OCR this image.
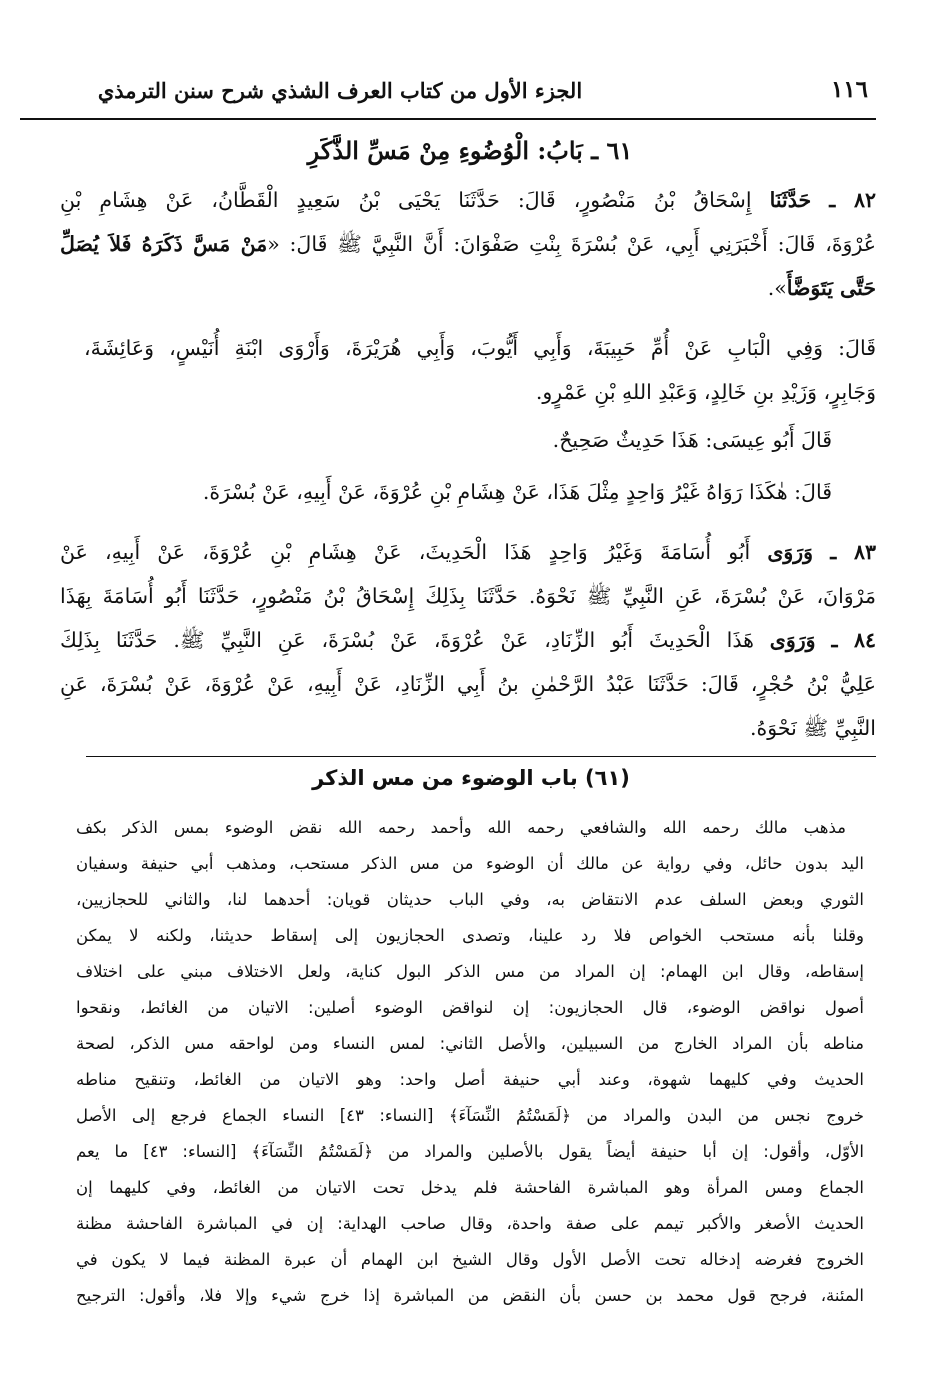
١١٦
الجزء الأول من كتاب العرف الشذي شرح سنن الترمذي
٦١ ـ بَابُ: الْوُضُوءِ مِنْ مَسِّ الذَّكَرِ
٨٢ ـ حَدَّثَنَا إِسْحَاقُ بْنُ مَنْصُورٍ، قَالَ: حَدَّثَنَا يَحْيَى بْنُ سَعِيدٍ الْقَطَّانُ، عَنْ هِشَامِ بْنِ
عُرْوَةَ، قَالَ: أَخْبَرَنِي أَبِي، عَنْ بُسْرَةَ بِنْتِ صَفْوَانَ: أَنَّ النَّبِيَّ ﷺ قَالَ: «مَنْ مَسَّ ذَكَرَهُ فَلاَ يُصَلِّ
حَتَّى يَتَوَضَّأَ».
قَالَ: وَفِي الْبَابِ عَنْ أُمِّ حَبِيبَةَ، وَأَبِي أَيُّوبَ، وَأَبِي هُرَيْرَةَ، وَأَرْوَى ابْنَةِ أُنَيْسٍ، وَعَائِشَةَ،
وَجَابِرٍ، وَزَيْدِ بنِ خَالِدٍ، وَعَبْدِ اللهِ بْنِ عَمْرٍو.
قَالَ أَبُو عِيسَى: هَذَا حَدِيثٌ صَحِيحٌ.
قَالَ: هٰكَذَا رَوَاهُ غَيْرُ وَاحِدٍ مِثْلَ هَذَا، عَنْ هِشَامِ بْنِ عُرْوَةَ، عَنْ أَبِيهِ، عَنْ بُسْرَةَ.
٨٣ ـ وَرَوَى أَبُو أُسَامَةَ وَغَيْرُ وَاحِدٍ هَذَا الْحَدِيثَ، عَنْ هِشَامِ بْنِ عُرْوَةَ، عَنْ أَبِيهِ، عَنْ
مَرْوَانَ، عَنْ بُسْرَةَ، عَنِ النَّبِيِّ ﷺ نَحْوَهُ. حَدَّثَنَا بِذَلِكَ إِسْحَاقُ بْنُ مَنْصُورٍ، حَدَّثَنَا أَبُو أُسَامَةَ بِهَذَا
٨٤ ـ وَرَوَى هَذَا الْحَدِيثَ أَبُو الزِّنَادِ، عَنْ عُرْوَةَ، عَنْ بُسْرَةَ، عَنِ النَّبِيِّ ﷺ. حَدَّثَنَا بِذَلِكَ
عَلِيُّ بْنُ حُجْرٍ، قَالَ: حَدَّثَنَا عَبْدُ الرَّحْمٰنِ بنُ أَبِي الزِّنَادِ، عَنْ أَبِيهِ، عَنْ عُرْوَةَ، عَنْ بُسْرَةَ، عَنِ
النَّبِيِّ ﷺ نَحْوَهُ.
(٦١) باب الوضوء من مس الذكر
مذهب مالك رحمه الله والشافعي رحمه الله وأحمد رحمه الله نقض الوضوء بمس الذكر بكف
اليد بدون حائل، وفي رواية عن مالك أن الوضوء من مس الذكر مستحب، ومذهب أبي حنيفة وسفيان
الثوري وبعض السلف عدم الانتقاض به، وفي الباب حديثان قويان: أحدهما لنا، والثاني للحجازيين،
وقلنا بأنه مستحب الخواص فلا رد علينا، وتصدى الحجازيون إلى إسقاط حديثنا، ولكنه لا يمكن
إسقاطه، وقال ابن الهمام: إن المراد من مس الذكر البول كناية، ولعل الاختلاف مبني على اختلاف
أصول نواقض الوضوء، قال الحجازيون: إن لنواقض الوضوء أصلين: الاتيان من الغائط، ونقحوا
مناطه بأن المراد الخارج من السبيلين، والأصل الثاني: لمس النساء ومن لواحقه مس الذكر، لصحة
الحديث وفي كليهما شهوة، وعند أبي حنيفة أصل واحد: وهو الاتيان من الغائط، وتنقيح مناطه
خروج نجس من البدن والمراد من ﴿لَمَسْتُمُ النِّسَآءَ﴾ [النساء: ٤٣] النساء الجماع فرجع إلى الأصل
الأوّل، وأقول: إن أبا حنيفة أيضاً يقول بالأصلين والمراد من ﴿لَمَسْتُمُ النِّسَآءَ﴾ [النساء: ٤٣] ما يعم
الجماع ومس المرأة وهو المباشرة الفاحشة فلم يدخل تحت الاتيان من الغائط، وفي كليهما إن
الحديث الأصغر والأكبر تيمم على صفة واحدة، وقال صاحب الهداية: إن في المباشرة الفاحشة مظنة
الخروج فغرضه إدخاله تحت الأصل الأول وقال الشيخ ابن الهمام أن عبرة المظنة فيما لا يكون في
المئنة، فرجح قول محمد بن حسن بأن النقض من المباشرة إذا خرج شيء وإلا فلا، وأقول: الترجيح
